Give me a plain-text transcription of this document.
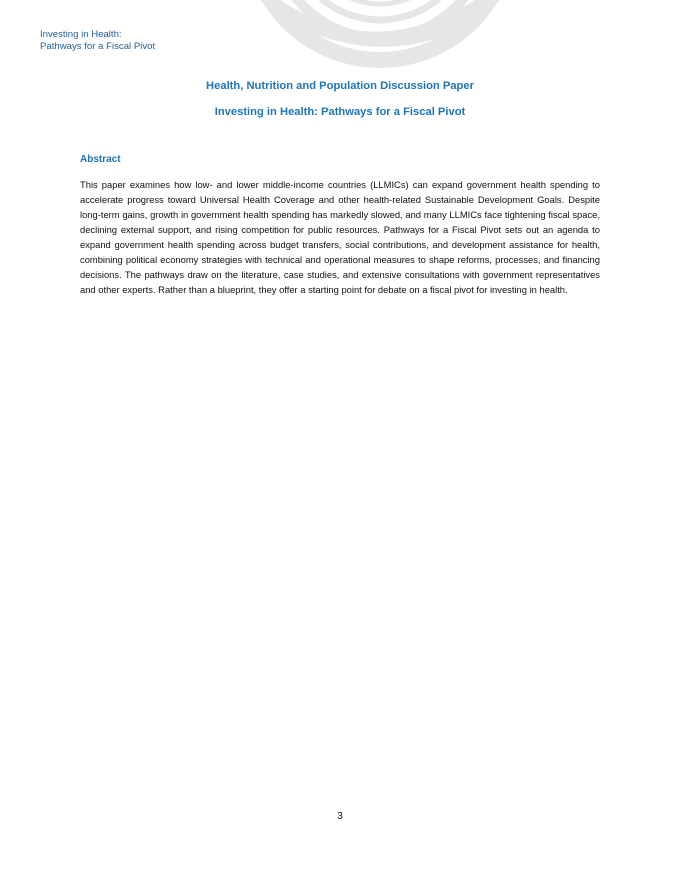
Investing in Health:
Pathways for a Fiscal Pivot
Health, Nutrition and Population Discussion Paper
Investing in Health: Pathways for a Fiscal Pivot
Abstract

This paper examines how low- and lower middle-income countries (LLMICs) can expand government health spending to accelerate progress toward Universal Health Coverage and other health-related Sustainable Development Goals. Despite long-term gains, growth in government health spending has markedly slowed, and many LLMICs face tightening fiscal space, declining external support, and rising competition for public resources. Pathways for a Fiscal Pivot sets out an agenda to expand government health spending across budget transfers, social contributions, and development assistance for health, combining political economy strategies with technical and operational measures to shape reforms, processes, and financing decisions. The pathways draw on the literature, case studies, and extensive consultations with government representatives and other experts. Rather than a blueprint, they offer a starting point for debate on a fiscal pivot for investing in health.

3
